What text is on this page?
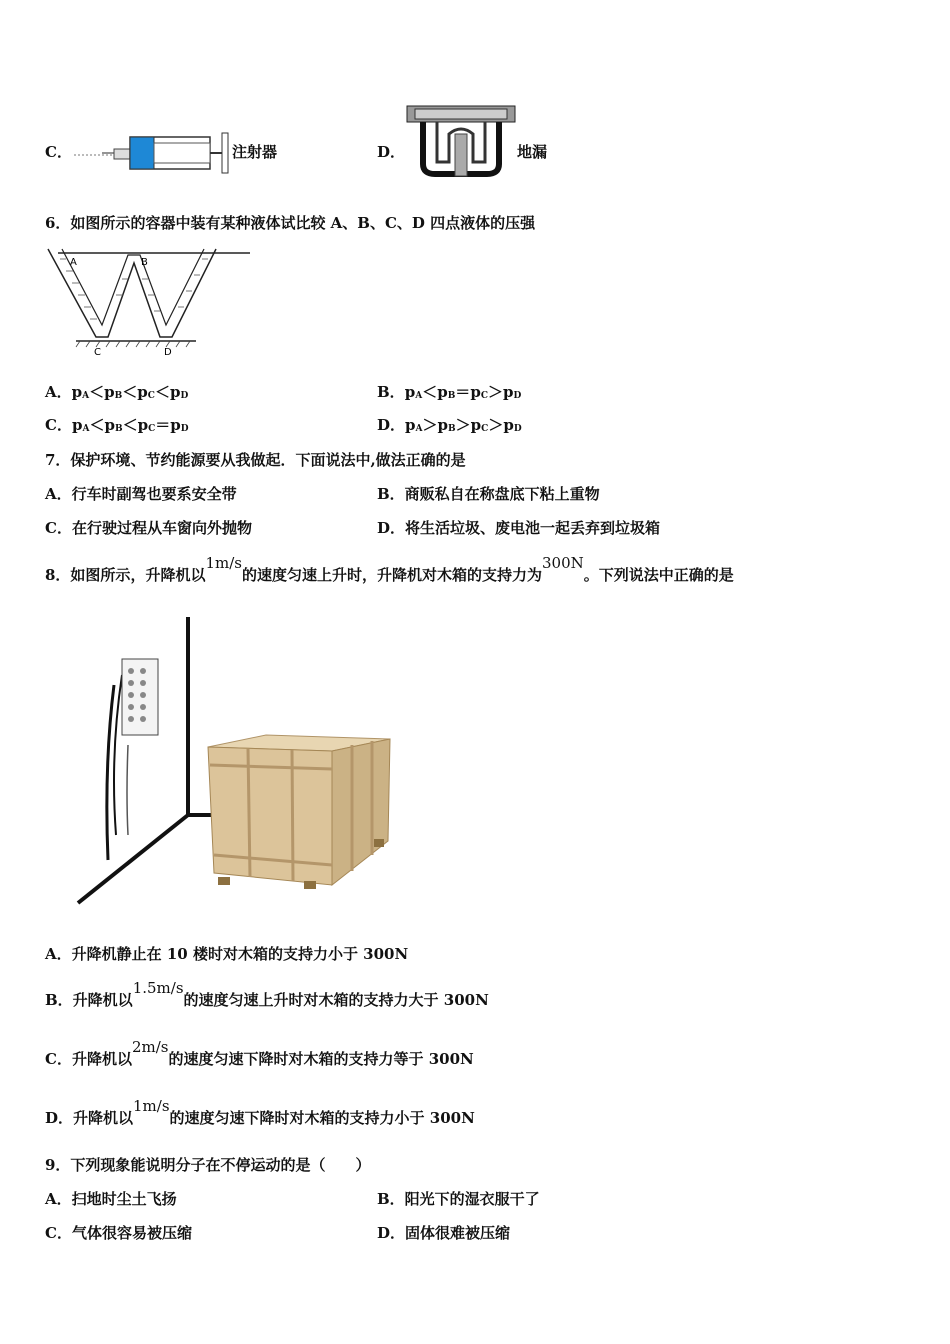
C．	注射器	D．	地漏
6．如图所示的容器中装有某种液体试比较 A、B、C、D 四点液体的压强
A	B
C	D
A．pA＜pB＜pC＜pD	B．pA＜pB＝pC＞pD
C．pA＜pB＜pC＝pD	D．pA＞pB＞pC＞pD
7．保护环境、节约能源要从我做起．下面说法中,做法正确的是
A．行车时副驾也要系安全带	B．商贩私自在称盘底下粘上重物
C．在行驶过程从车窗向外抛物	D．将生活垃圾、废电池一起丢弃到垃圾箱
8．如图所示，升降机以1m/s的速度匀速上升时，升降机对木箱的支持力为300N。下列说法中正确的是
A．升降机静止在 10 楼时对木箱的支持力小于 300N
B．升降机以1.5m/s的速度匀速上升时对木箱的支持力大于 300N
C．升降机以2m/s的速度匀速下降时对木箱的支持力等于 300N
D．升降机以1m/s的速度匀速下降时对木箱的支持力小于 300N
9．下列现象能说明分子在不停运动的是（　　）
A．扫地时尘土飞扬	B．阳光下的湿衣服干了
C．气体很容易被压缩	D．固体很难被压缩
